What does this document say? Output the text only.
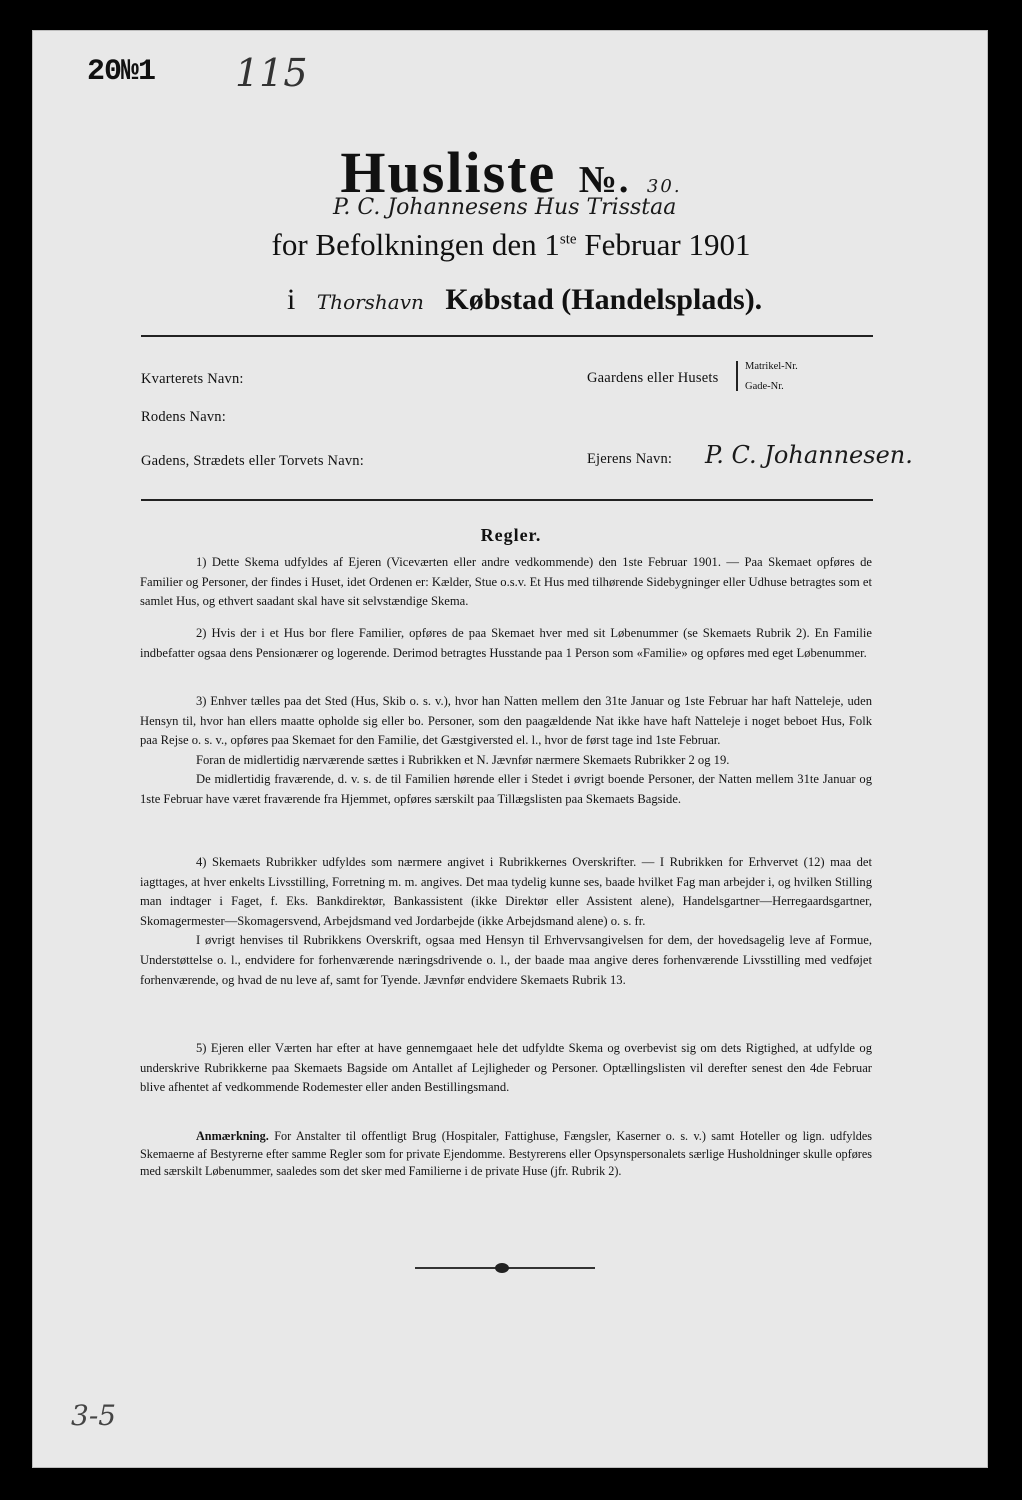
20№1 115
Husliste №. 30.
P. C. Johannesens Hus Trisstaa
for Befolkningen den 1ste Februar 1901
i Thorshavn Købstad (Handelsplads).
Kvarterets Navn:
Rodens Navn:
Gadens, Strædets eller Torvets Navn:
Gaardens eller Husets
Matrikel-Nr.
Gade-Nr.
Ejerens Navn: P. C. Johannesen.
Regler.

1) Dette Skema udfyldes af Ejeren (Viceværten eller andre vedkommende) den 1ste Februar 1901. — Paa Skemaet opføres de Familier og Personer, der findes i Huset, idet Ordenen er: Kælder, Stue o.s.v. Et Hus med tilhørende Sidebygninger eller Udhuse betragtes som et samlet Hus, og ethvert saadant skal have sit selvstændige Skema.

2) Hvis der i et Hus bor flere Familier, opføres de paa Skemaet hver med sit Løbenummer (se Skemaets Rubrik 2). En Familie indbefatter ogsaa dens Pensionærer og logerende. Derimod betragtes Husstande paa 1 Person som «Familie» og opføres med eget Løbenummer.

3) Enhver tælles paa det Sted (Hus, Skib o. s. v.), hvor han Natten mellem den 31te Januar og 1ste Februar har haft Natteleje, uden Hensyn til, hvor han ellers maatte opholde sig eller bo. Personer, som den paagældende Nat ikke have haft Natteleje i noget beboet Hus, Folk paa Rejse o. s. v., opføres paa Skemaet for den Familie, det Gæstgiversted el. l., hvor de først tage ind 1ste Februar.

Foran de midlertidig nærværende sættes i Rubrikken et N. Jævnfør nærmere Skemaets Rubrikker 2 og 19.

De midlertidig fraværende, d. v. s. de til Familien hørende eller i Stedet i øvrigt boende Personer, der Natten mellem 31te Januar og 1ste Februar have været fraværende fra Hjemmet, opføres særskilt paa Tillægslisten paa Skemaets Bagside.

4) Skemaets Rubrikker udfyldes som nærmere angivet i Rubrikkernes Overskrifter. — I Rubrikken for Erhvervet (12) maa det iagttages, at hver enkelts Livsstilling, Forretning m. m. angives. Det maa tydelig kunne ses, baade hvilket Fag man arbejder i, og hvilken Stilling man indtager i Faget, f. Eks. Bankdirektør, Bankassistent (ikke Direktør eller Assistent alene), Handelsgartner—Herregaardsgartner, Skomagermester—Skomagersvend, Arbejdsmand ved Jordarbejde (ikke Arbejdsmand alene) o. s. fr.

I øvrigt henvises til Rubrikkens Overskrift, ogsaa med Hensyn til Erhvervsangivelsen for dem, der hovedsagelig leve af Formue, Understøttelse o. l., endvidere for forhenværende næringsdrivende o. l., der baade maa angive deres forhenværende Livsstilling med vedføjet forhenværende, og hvad de nu leve af, samt for Tyende. Jævnfør endvidere Skemaets Rubrik 13.

5) Ejeren eller Værten har efter at have gennemgaaet hele det udfyldte Skema og overbevist sig om dets Rigtighed, at udfylde og underskrive Rubrikkerne paa Skemaets Bagside om Antallet af Lejligheder og Personer. Optællingslisten vil derefter senest den 4de Februar blive afhentet af vedkommende Rodemester eller anden Bestillingsmand.

Anmærkning. For Anstalter til offentligt Brug (Hospitaler, Fattighuse, Fængsler, Kaserner o. s. v.) samt Hoteller og lign. udfyldes Skemaerne af Bestyrerne efter samme Regler som for private Ejendomme. Bestyrerens eller Opsynspersonalets særlige Husholdninger skulle opføres med særskilt Løbenummer, saaledes som det sker med Familierne i de private Huse (jfr. Rubrik 2).

3-5
